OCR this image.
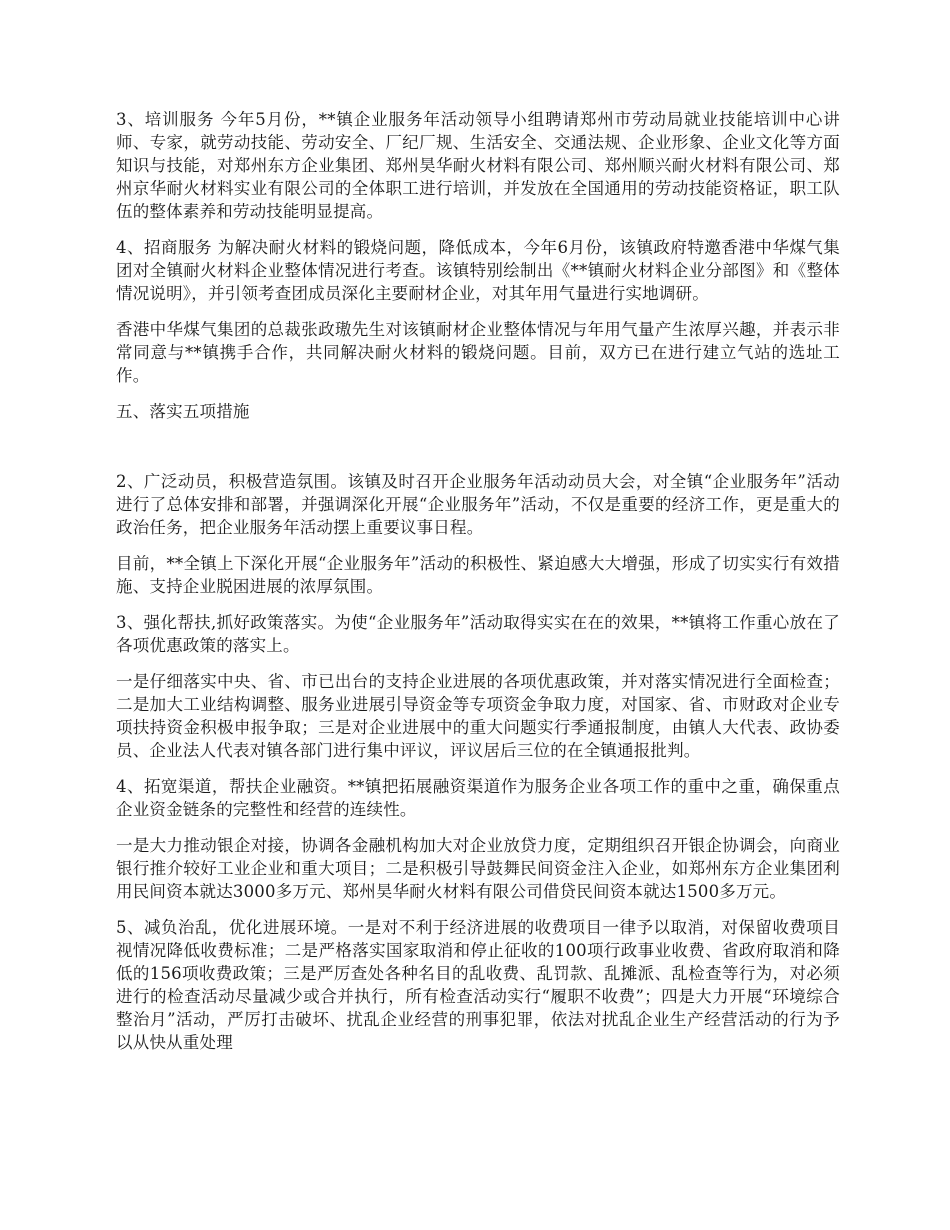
3、培训服务 今年5月份，**镇企业服务年活动领导小组聘请郑州市劳动局就业技能培训中心讲师、专家，就劳动技能、劳动安全、厂纪厂规、生活安全、交通法规、企业形象、企业文化等方面知识与技能，对郑州东方企业集团、郑州昊华耐火材料有限公司、郑州顺兴耐火材料有限公司、郑州京华耐火材料实业有限公司的全体职工进行培训，并发放在全国通用的劳动技能资格证，职工队伍的整体素养和劳动技能明显提高。

4、招商服务 为解决耐火材料的锻烧问题，降低成本，今年6月份，该镇政府特邀香港中华煤气集团对全镇耐火材料企业整体情况进行考查。该镇特别绘制出《**镇耐火材料企业分部图》和《整体情况说明》，并引领考查团成员深化主要耐材企业，对其年用气量进行实地调研。

香港中华煤气集团的总裁张政璈先生对该镇耐材企业整体情况与年用气量产生浓厚兴趣，并表示非常同意与**镇携手合作，共同解决耐火材料的锻烧问题。目前，双方已在进行建立气站的选址工作。

五、落实五项措施

2、广泛动员，积极营造氛围。该镇及时召开企业服务年活动动员大会，对全镇“企业服务年”活动进行了总体安排和部署，并强调深化开展“企业服务年”活动，不仅是重要的经济工作，更是重大的政治任务，把企业服务年活动摆上重要议事日程。

目前，**全镇上下深化开展“企业服务年”活动的积极性、紧迫感大大增强，形成了切实实行有效措施、支持企业脱困进展的浓厚氛围。

3、强化帮扶,抓好政策落实。为使“企业服务年”活动取得实实在在的效果，**镇将工作重心放在了各项优惠政策的落实上。

一是仔细落实中央、省、市已出台的支持企业进展的各项优惠政策，并对落实情况进行全面检查；二是加大工业结构调整、服务业进展引导资金等专项资金争取力度，对国家、省、市财政对企业专项扶持资金积极申报争取；三是对企业进展中的重大问题实行季通报制度，由镇人大代表、政协委员、企业法人代表对镇各部门进行集中评议，评议居后三位的在全镇通报批判。

4、拓宽渠道，帮扶企业融资。**镇把拓展融资渠道作为服务企业各项工作的重中之重，确保重点企业资金链条的完整性和经营的连续性。

一是大力推动银企对接，协调各金融机构加大对企业放贷力度，定期组织召开银企协调会，向商业银行推介较好工业企业和重大项目；二是积极引导鼓舞民间资金注入企业，如郑州东方企业集团利用民间资本就达3000多万元、郑州昊华耐火材料有限公司借贷民间资本就达1500多万元。

5、减负治乱，优化进展环境。一是对不利于经济进展的收费项目一律予以取消，对保留收费项目视情况降低收费标准；二是严格落实国家取消和停止征收的100项行政事业收费、省政府取消和降低的156项收费政策；三是严厉查处各种名目的乱收费、乱罚款、乱摊派、乱检查等行为，对必须进行的检查活动尽量减少或合并执行，所有检查活动实行“履职不收费”；四是大力开展“环境综合整治月”活动，严厉打击破坏、扰乱企业经营的刑事犯罪，依法对扰乱企业生产经营活动的行为予以从快从重处理
